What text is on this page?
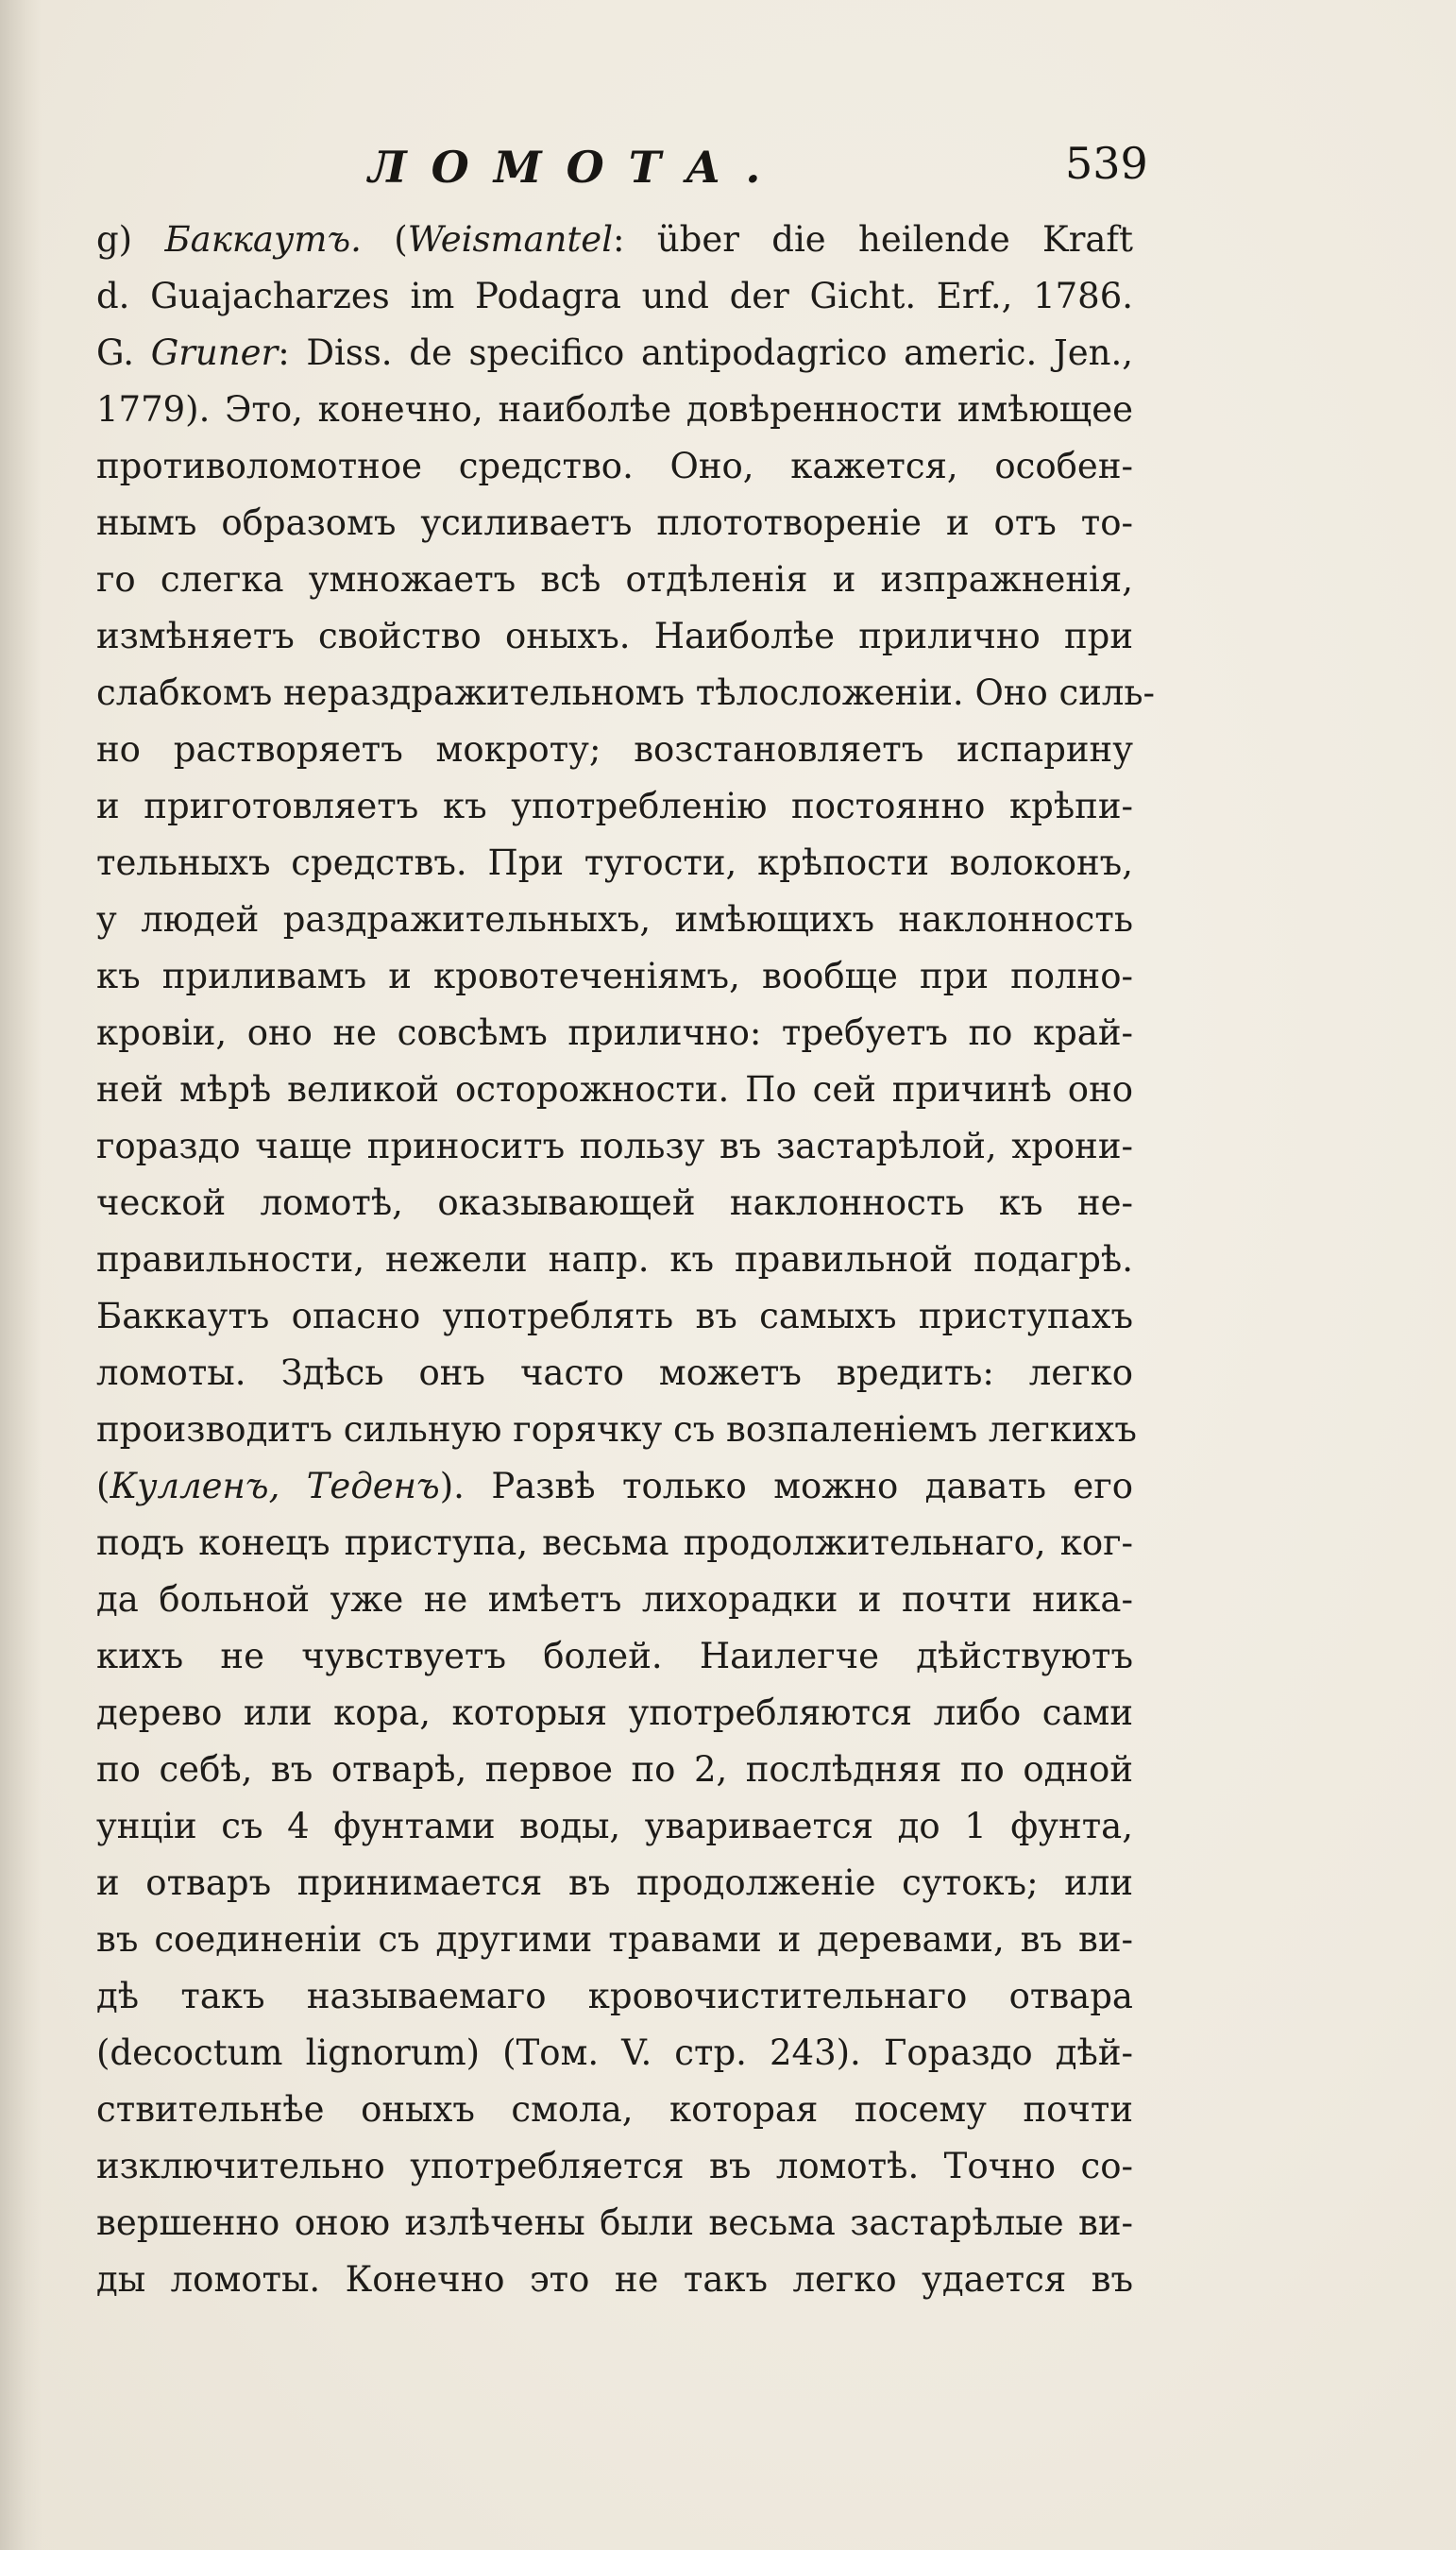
ЛОМОТА.	539
g) Баккаутъ. (Weismantel: über die heilende Kraft
d. Guajacharzes im Podagra und der Gicht. Erf., 1786.
G. Gruner: Diss. de specifico antipodagrico americ. Jen.,
1779). Это, конечно, наиболѣе довѣренности имѣющее
противоломотное средство. Оно, кажется, особен-
нымъ образомъ усиливаетъ плототвореніе и отъ то-
го слегка умножаетъ всѣ отдѣленія и изпражненія,
измѣняетъ свойство оныхъ. Наиболѣе прилично при
слабкомъ нераздражительномъ тѣлосложеніи. Оно силь-
но растворяетъ мокроту; возстановляетъ испарину
и приготовляетъ къ употребленію постоянно крѣпи-
тельныхъ средствъ. При тугости, крѣпости волоконъ,
у людей раздражительныхъ, имѣющихъ наклонность
къ приливамъ и кровотеченіямъ, вообще при полно-
кровіи, оно не совсѣмъ прилично: требуетъ по край-
ней мѣрѣ великой осторожности. По сей причинѣ оно
гораздо чаще приноситъ пользу въ застарѣлой, хрони-
ческой ломотѣ, оказывающей наклонность къ не-
правильности, нежели напр. къ правильной подагрѣ.
Баккаутъ опасно употреблять въ самыхъ приступахъ
ломоты. Здѣсь онъ часто можетъ вредить: легко
производитъ сильную горячку съ возпаленіемъ легкихъ
(Кулленъ, Теденъ). Развѣ только можно давать его
подъ конецъ приступа, весьма продолжительнаго, ког-
да больной уже не имѣетъ лихорадки и почти ника-
кихъ не чувствуетъ болей. Наилегче дѣйствуютъ
дерево или кора, которыя употребляются либо сами
по себѣ, въ отварѣ, первое по 2, послѣдняя по одной
унціи съ 4 фунтами воды, увариваетcя до 1 фунта,
и отваръ принимается въ продолженіе сутокъ; или
въ соединеніи съ другими травами и деревами, въ ви-
дѣ такъ называемаго кровочистительнаго отвара
(decoctum lignorum) (Том. V. стр. 243). Гораздо дѣй-
ствительнѣе оныхъ смола, которая посему почти
изключительно употребляется въ ломотѣ. Точно со-
вершенно оною излѣчены были весьма застарѣлые ви-
ды ломоты. Конечно это не такъ легко удается въ
